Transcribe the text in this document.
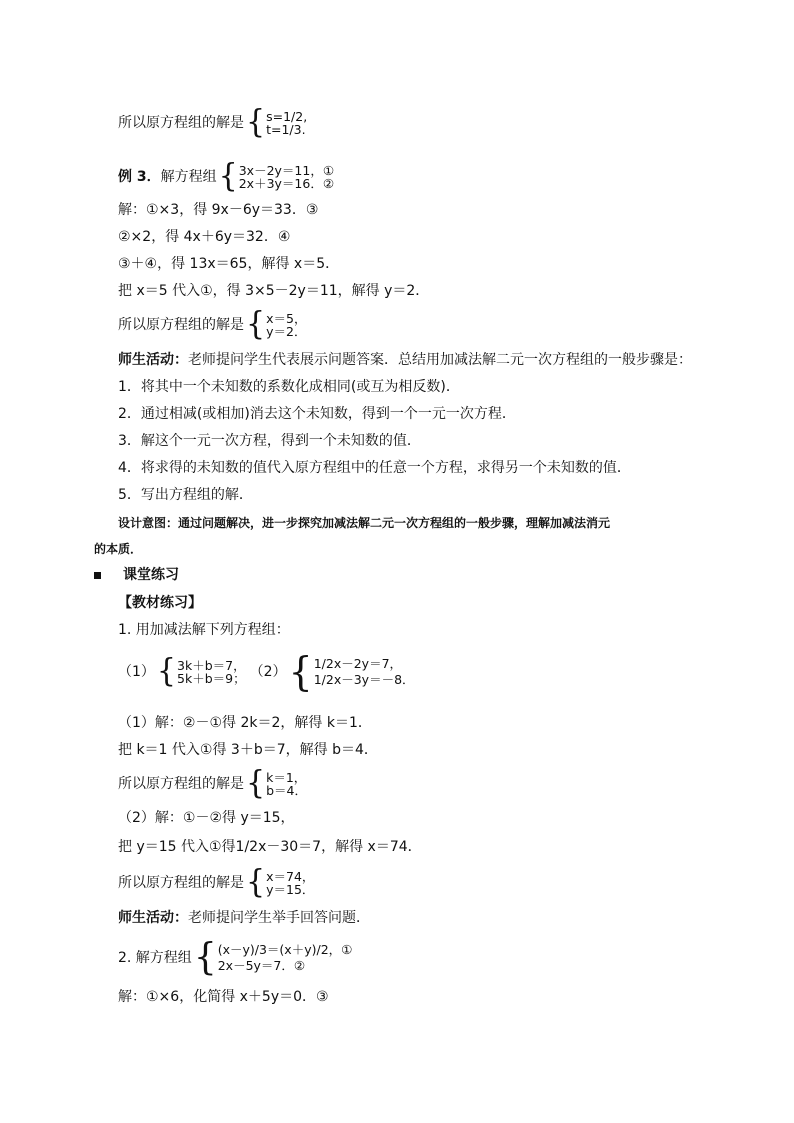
所以原方程组的解是 { s=1/2,
t=1/3.
例 3． 解方程组 { 3x－2y＝11，①
2x＋3y＝16．②
解：①×3，得 9x－6y＝33．③
②×2，得 4x＋6y＝32．④
③＋④，得 13x＝65，解得 x＝5．
把 x＝5 代入①，得 3×5－2y＝11，解得 y＝2．
所以原方程组的解是 { x＝5，
y＝2．
师生活动： 老师提问学生代表展示问题答案．总结用加减法解二元一次方程组的一般步骤是：
1．将其中一个未知数的系数化成相同(或互为相反数)．
2．通过相减(或相加)消去这个未知数，得到一个一元一次方程．
3．解这个一元一次方程，得到一个未知数的值．
4．将求得的未知数的值代入原方程组中的任意一个方程，求得另一个未知数的值．
5．写出方程组的解．
设计意图： 通过问题解决，进一步探究加减法解二元一次方程组的一般步骤，理解加减法消元
的本质．
课堂练习
【教材练习】
1. 用加减法解下列方程组：
（1） { 3k＋b＝7，
5k＋b＝9； （2） { 1/2x－2y＝7，
1/2x－3y＝－8．
（1）解：②－①得 2k＝2，解得 k＝1．
把 k＝1 代入①得 3＋b＝7，解得 b＝4．
所以原方程组的解是 { k＝1，
b＝4．
（2）解：①－②得 y＝15，
把 y＝15 代入①得1/2x－30＝7，解得 x＝74．
所以原方程组的解是 { x＝74，
y＝15．
师生活动： 老师提问学生举手回答问题．
2. 解方程组 { (x－y)/3＝(x＋y)/2，①
2x－5y＝7．②
解：①×6，化简得 x＋5y＝0．③
